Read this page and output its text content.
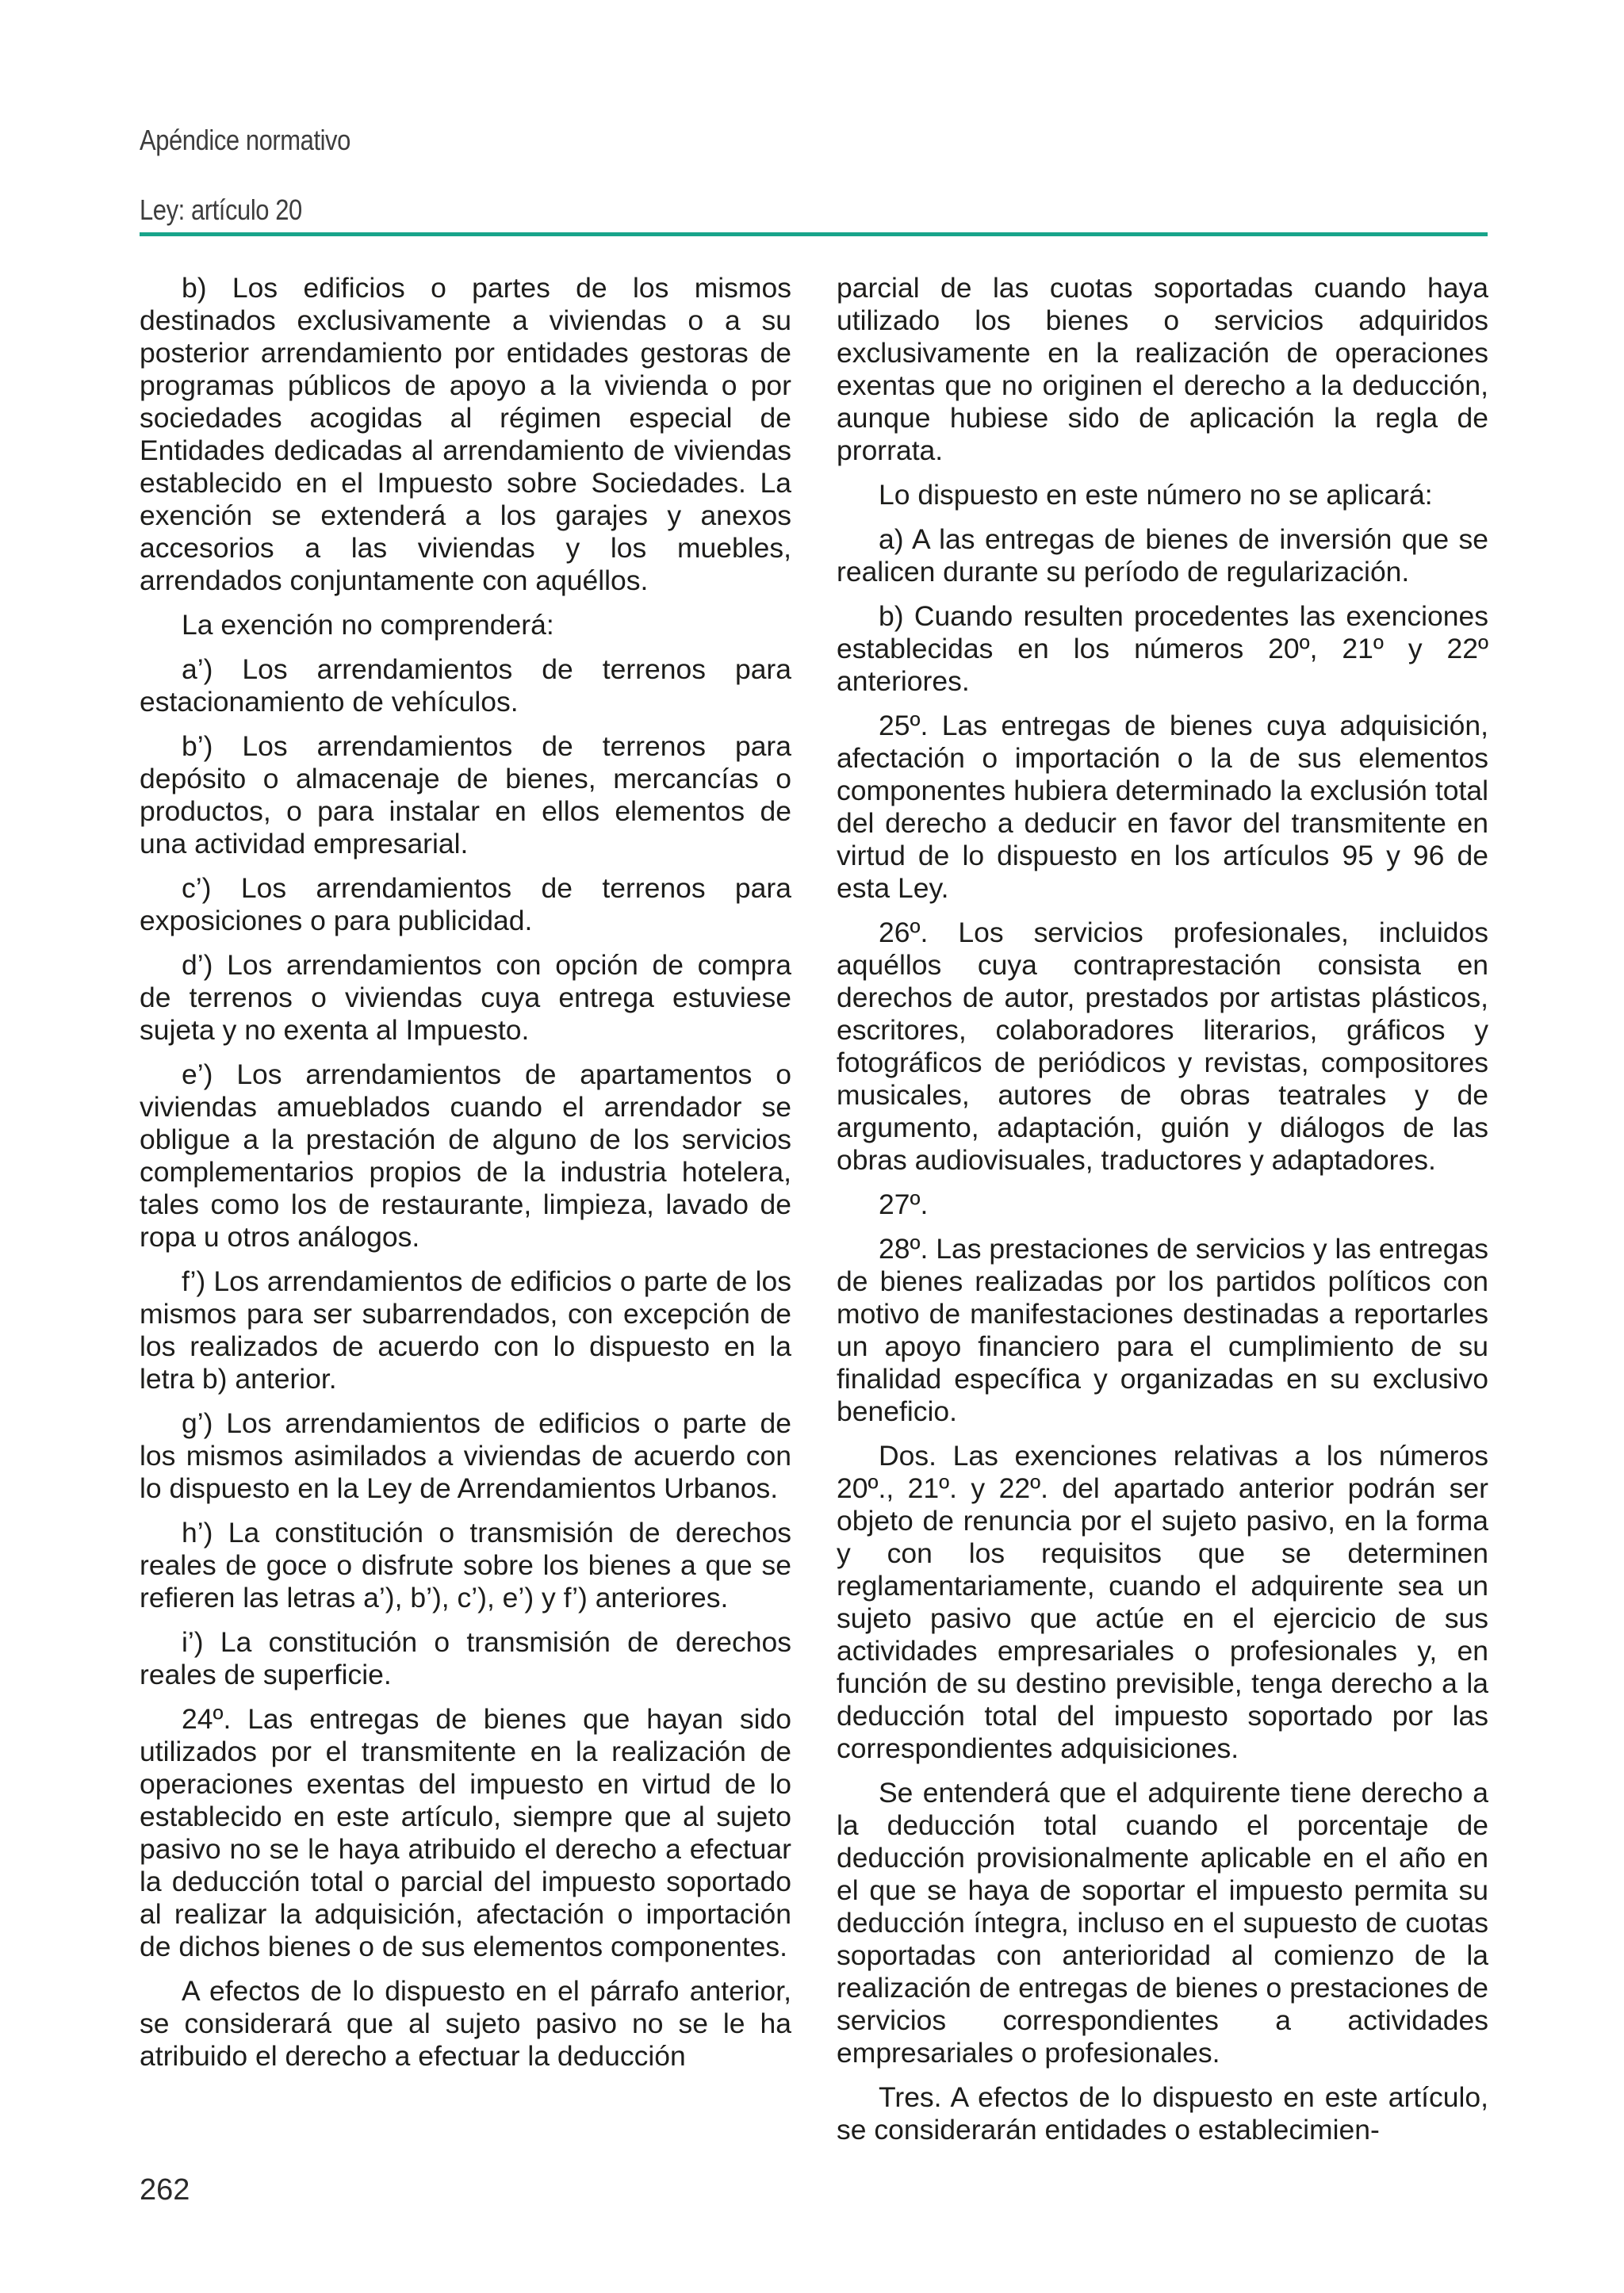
Apéndice normativo
Ley: artículo 20

b) Los edificios o partes de los mismos destinados exclusivamente a viviendas o a su posterior arrendamiento por entidades gestoras de programas públicos de apoyo a la vivienda o por sociedades acogidas al régimen especial de Entidades dedicadas al arrendamiento de viviendas establecido en el Impuesto sobre Sociedades. La exención se extenderá a los garajes y anexos accesorios a las viviendas y los muebles, arrendados conjuntamente con aquéllos.

La exención no comprenderá:

a’) Los arrendamientos de terrenos para estacionamiento de vehículos.

b’) Los arrendamientos de terrenos para depósito o almacenaje de bienes, mercancías o productos, o para instalar en ellos elementos de una actividad empresarial.

c’) Los arrendamientos de terrenos para exposiciones o para publicidad.

d’) Los arrendamientos con opción de compra de terrenos o viviendas cuya entrega estuviese sujeta y no exenta al Impuesto.

e’) Los arrendamientos de apartamentos o viviendas amueblados cuando el arrendador se obligue a la prestación de alguno de los servicios complementarios propios de la industria hotelera, tales como los de restaurante, limpieza, lavado de ropa u otros análogos.

f’) Los arrendamientos de edificios o parte de los mismos para ser subarrendados, con excepción de los realizados de acuerdo con lo dispuesto en la letra b) anterior.

g’) Los arrendamientos de edificios o parte de los mismos asimilados a viviendas de acuerdo con lo dispuesto en la Ley de Arrendamientos Urbanos.

h’) La constitución o transmisión de derechos reales de goce o disfrute sobre los bienes a que se refieren las letras a’), b’), c’), e’) y f’) anteriores.

i’) La constitución o transmisión de derechos reales de superficie.

24º. Las entregas de bienes que hayan sido utilizados por el transmitente en la realización de operaciones exentas del impuesto en virtud de lo establecido en este artículo, siempre que al sujeto pasivo no se le haya atribuido el derecho a efectuar la deducción total o parcial del impuesto soportado al realizar la adquisición, afectación o importación de dichos bienes o de sus elementos componentes.

A efectos de lo dispuesto en el párrafo anterior, se considerará que al sujeto pasivo no se le ha atribuido el derecho a efectuar la deducción

parcial de las cuotas soportadas cuando haya utilizado los bienes o servicios adquiridos exclusivamente en la realización de operaciones exentas que no originen el derecho a la deducción, aunque hubiese sido de aplicación la regla de prorrata.

Lo dispuesto en este número no se aplicará:

a) A las entregas de bienes de inversión que se realicen durante su período de regularización.

b) Cuando resulten procedentes las exenciones establecidas en los números 20º, 21º y 22º anteriores.

25º. Las entregas de bienes cuya adquisición, afectación o importación o la de sus elementos componentes hubiera determinado la exclusión total del derecho a deducir en favor del transmitente en virtud de lo dispuesto en los artículos 95 y 96 de esta Ley.

26º. Los servicios profesionales, incluidos aquéllos cuya contraprestación consista en derechos de autor, prestados por artistas plásticos, escritores, colaboradores literarios, gráficos y fotográficos de periódicos y revistas, compositores musicales, autores de obras teatrales y de argumento, adaptación, guión y diálogos de las obras audiovisuales, traductores y adaptadores.

27º.

28º. Las prestaciones de servicios y las entregas de bienes realizadas por los partidos políticos con motivo de manifestaciones destinadas a reportarles un apoyo financiero para el cumplimiento de su finalidad específica y organizadas en su exclusivo beneficio.

Dos. Las exenciones relativas a los números 20º., 21º. y 22º. del apartado anterior podrán ser objeto de renuncia por el sujeto pasivo, en la forma y con los requisitos que se determinen reglamentariamente, cuando el adquirente sea un sujeto pasivo que actúe en el ejercicio de sus actividades empresariales o profesionales y, en función de su destino previsible, tenga derecho a la deducción total del impuesto soportado por las correspondientes adquisiciones.

Se entenderá que el adquirente tiene derecho a la deducción total cuando el porcentaje de deducción provisionalmente aplicable en el año en el que se haya de soportar el impuesto permita su deducción íntegra, incluso en el supuesto de cuotas soportadas con anterioridad al comienzo de la realización de entregas de bienes o prestaciones de servicios correspondientes a actividades empresariales o profesionales.

Tres. A efectos de lo dispuesto en este artículo, se considerarán entidades o establecimien-

262
